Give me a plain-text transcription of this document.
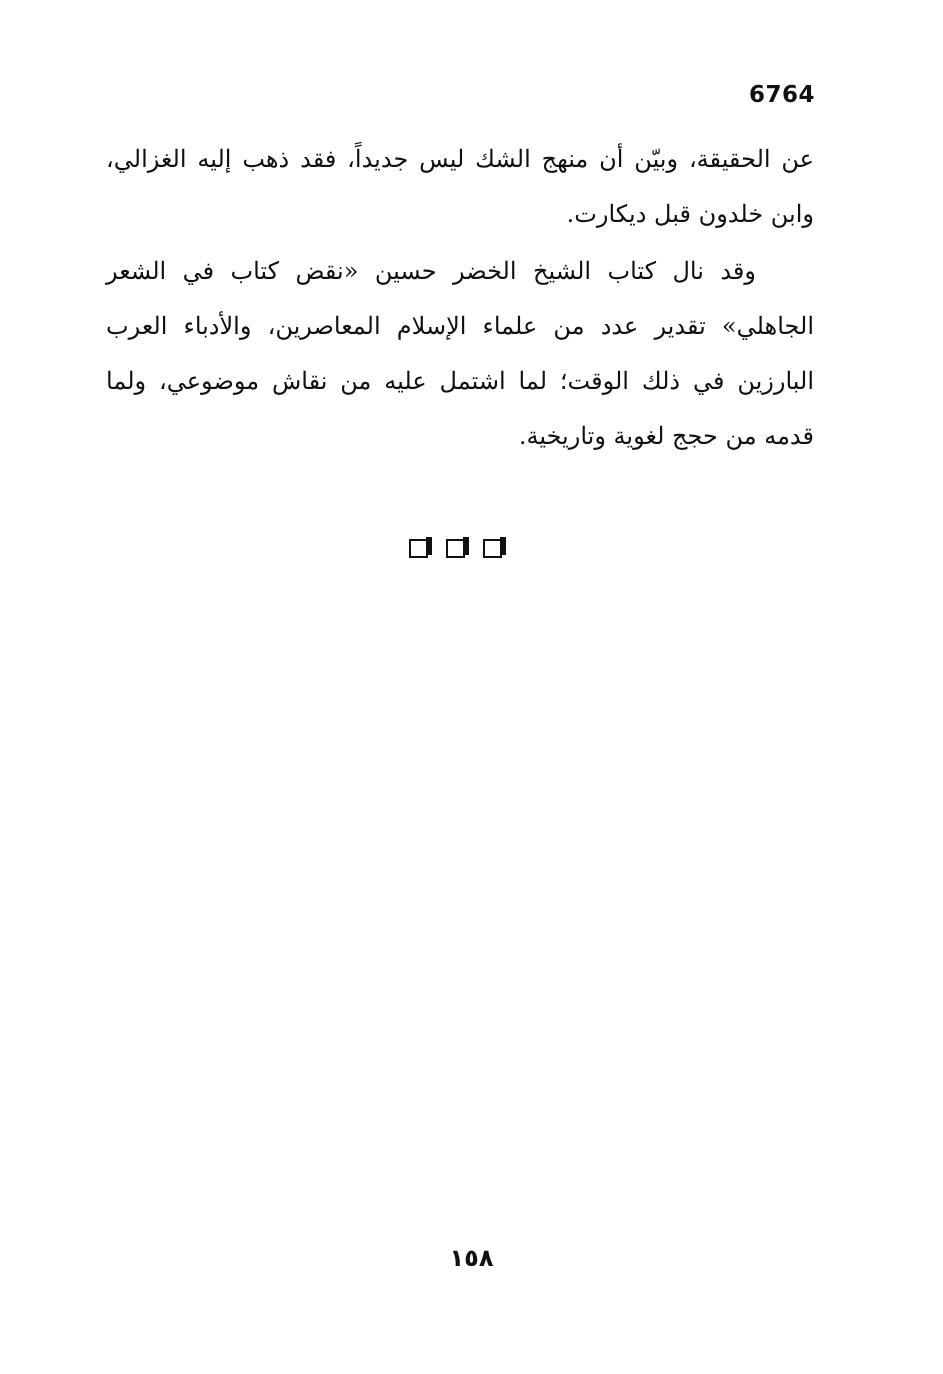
6764

عن الحقيقة، وبيّن أن منهج الشك ليس جديداً، فقد ذهب إليه الغزالي، وابن خلدون قبل ديكارت.

وقد نال كتاب الشيخ الخضر حسين «نقض كتاب في الشعر الجاهلي» تقدير عدد من علماء الإسلام المعاصرين، والأدباء العرب البارزين في ذلك الوقت؛ لما اشتمل عليه من نقاش موضوعي، ولما قدمه من حجج لغوية وتاريخية.

١٥٨
